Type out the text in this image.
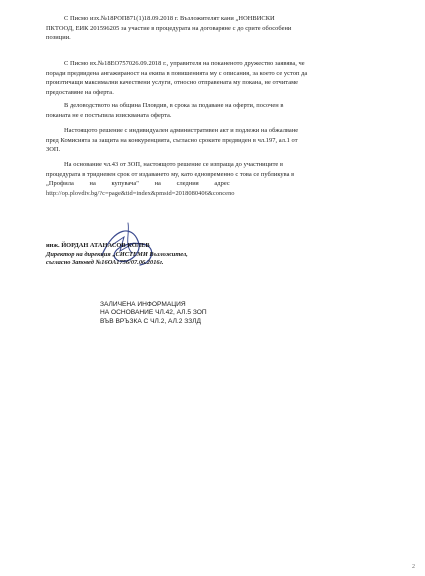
С Писмо изх.№18РОП871(1)18.09.2018 г. Възложителят кани „НОНВИСКИ
ПКТООД, ЕИК 201596205 за участие в процедурата на договаряне с до срите обособени
позиции.

С Писмо вх.№18ЕО757026.09.2018 г., управителя на поканеното дружество заявява, че
поради предвидена ангажираност на екипа в повишенията му с описания, за което се устоп да
произтичащи максимални качествени услуги, относно отправената му покана, не отчитаме
предоставяне на оферта.

В деловодството на община Пловдив, в срока за подаване на оферти, посочен в
поканата не е постъпила изискваната оферта.

Настоящото решение с индивидуален административен акт и подлежи на обжалване
пред Комисията за защита на конкуренцията, съгласно сроките предвиден в чл.197, ал.1 от
ЗОП.

На основание чл.43 от ЗОП, настоящото решение се изпраща до участниците в
процедурата в тридневен срок от издаването му, като едновременно с това се публикува в
„Профила на купувача" на следния адрес
http://op.plovdiv.bg/?c=page&tid=index&pmsid=2018080406&conceno

инж. ЙОРДАН АТАНАСОВ КОЛЕВ
Директор на дирекция „СИСТЕМИ Възложител,
съгласно Заповед №16ОА1756/07.06.2016г.
ЗАЛИЧЕНА ИНФОРМАЦИЯ
НА ОСНОВАНИЕ ЧЛ.42, АЛ.5 ЗОП
ВЪВ ВРЪЗКА С ЧЛ.2, АЛ.2 ЗЗЛД
2
